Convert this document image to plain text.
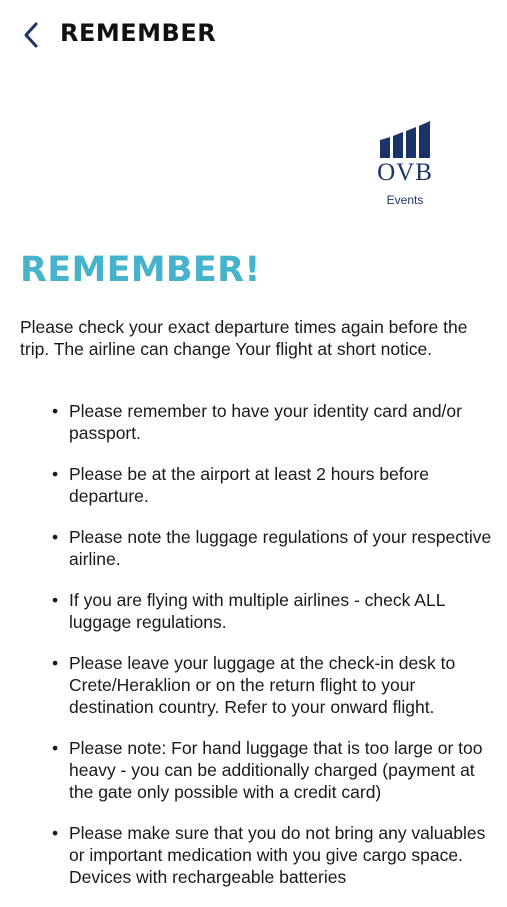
REMEMBER
OVB
Events
REMEMBER!

Please check your exact departure times again before the trip. The airline can change Your flight at short notice.

• Please remember to have your identity card and/or passport.
• Please be at the airport at least 2 hours before departure.
• Please note the luggage regulations of your respective airline.
• If you are flying with multiple airlines - check ALL luggage regulations.
• Please leave your luggage at the check-in desk to Crete/Heraklion or on the return flight to your destination country. Refer to your onward flight.
• Please note: For hand luggage that is too large or too heavy - you can be additionally charged (payment at the gate only possible with a credit card)
• Please make sure that you do not bring any valuables or important medication with you give cargo space. Devices with rechargeable batteries
